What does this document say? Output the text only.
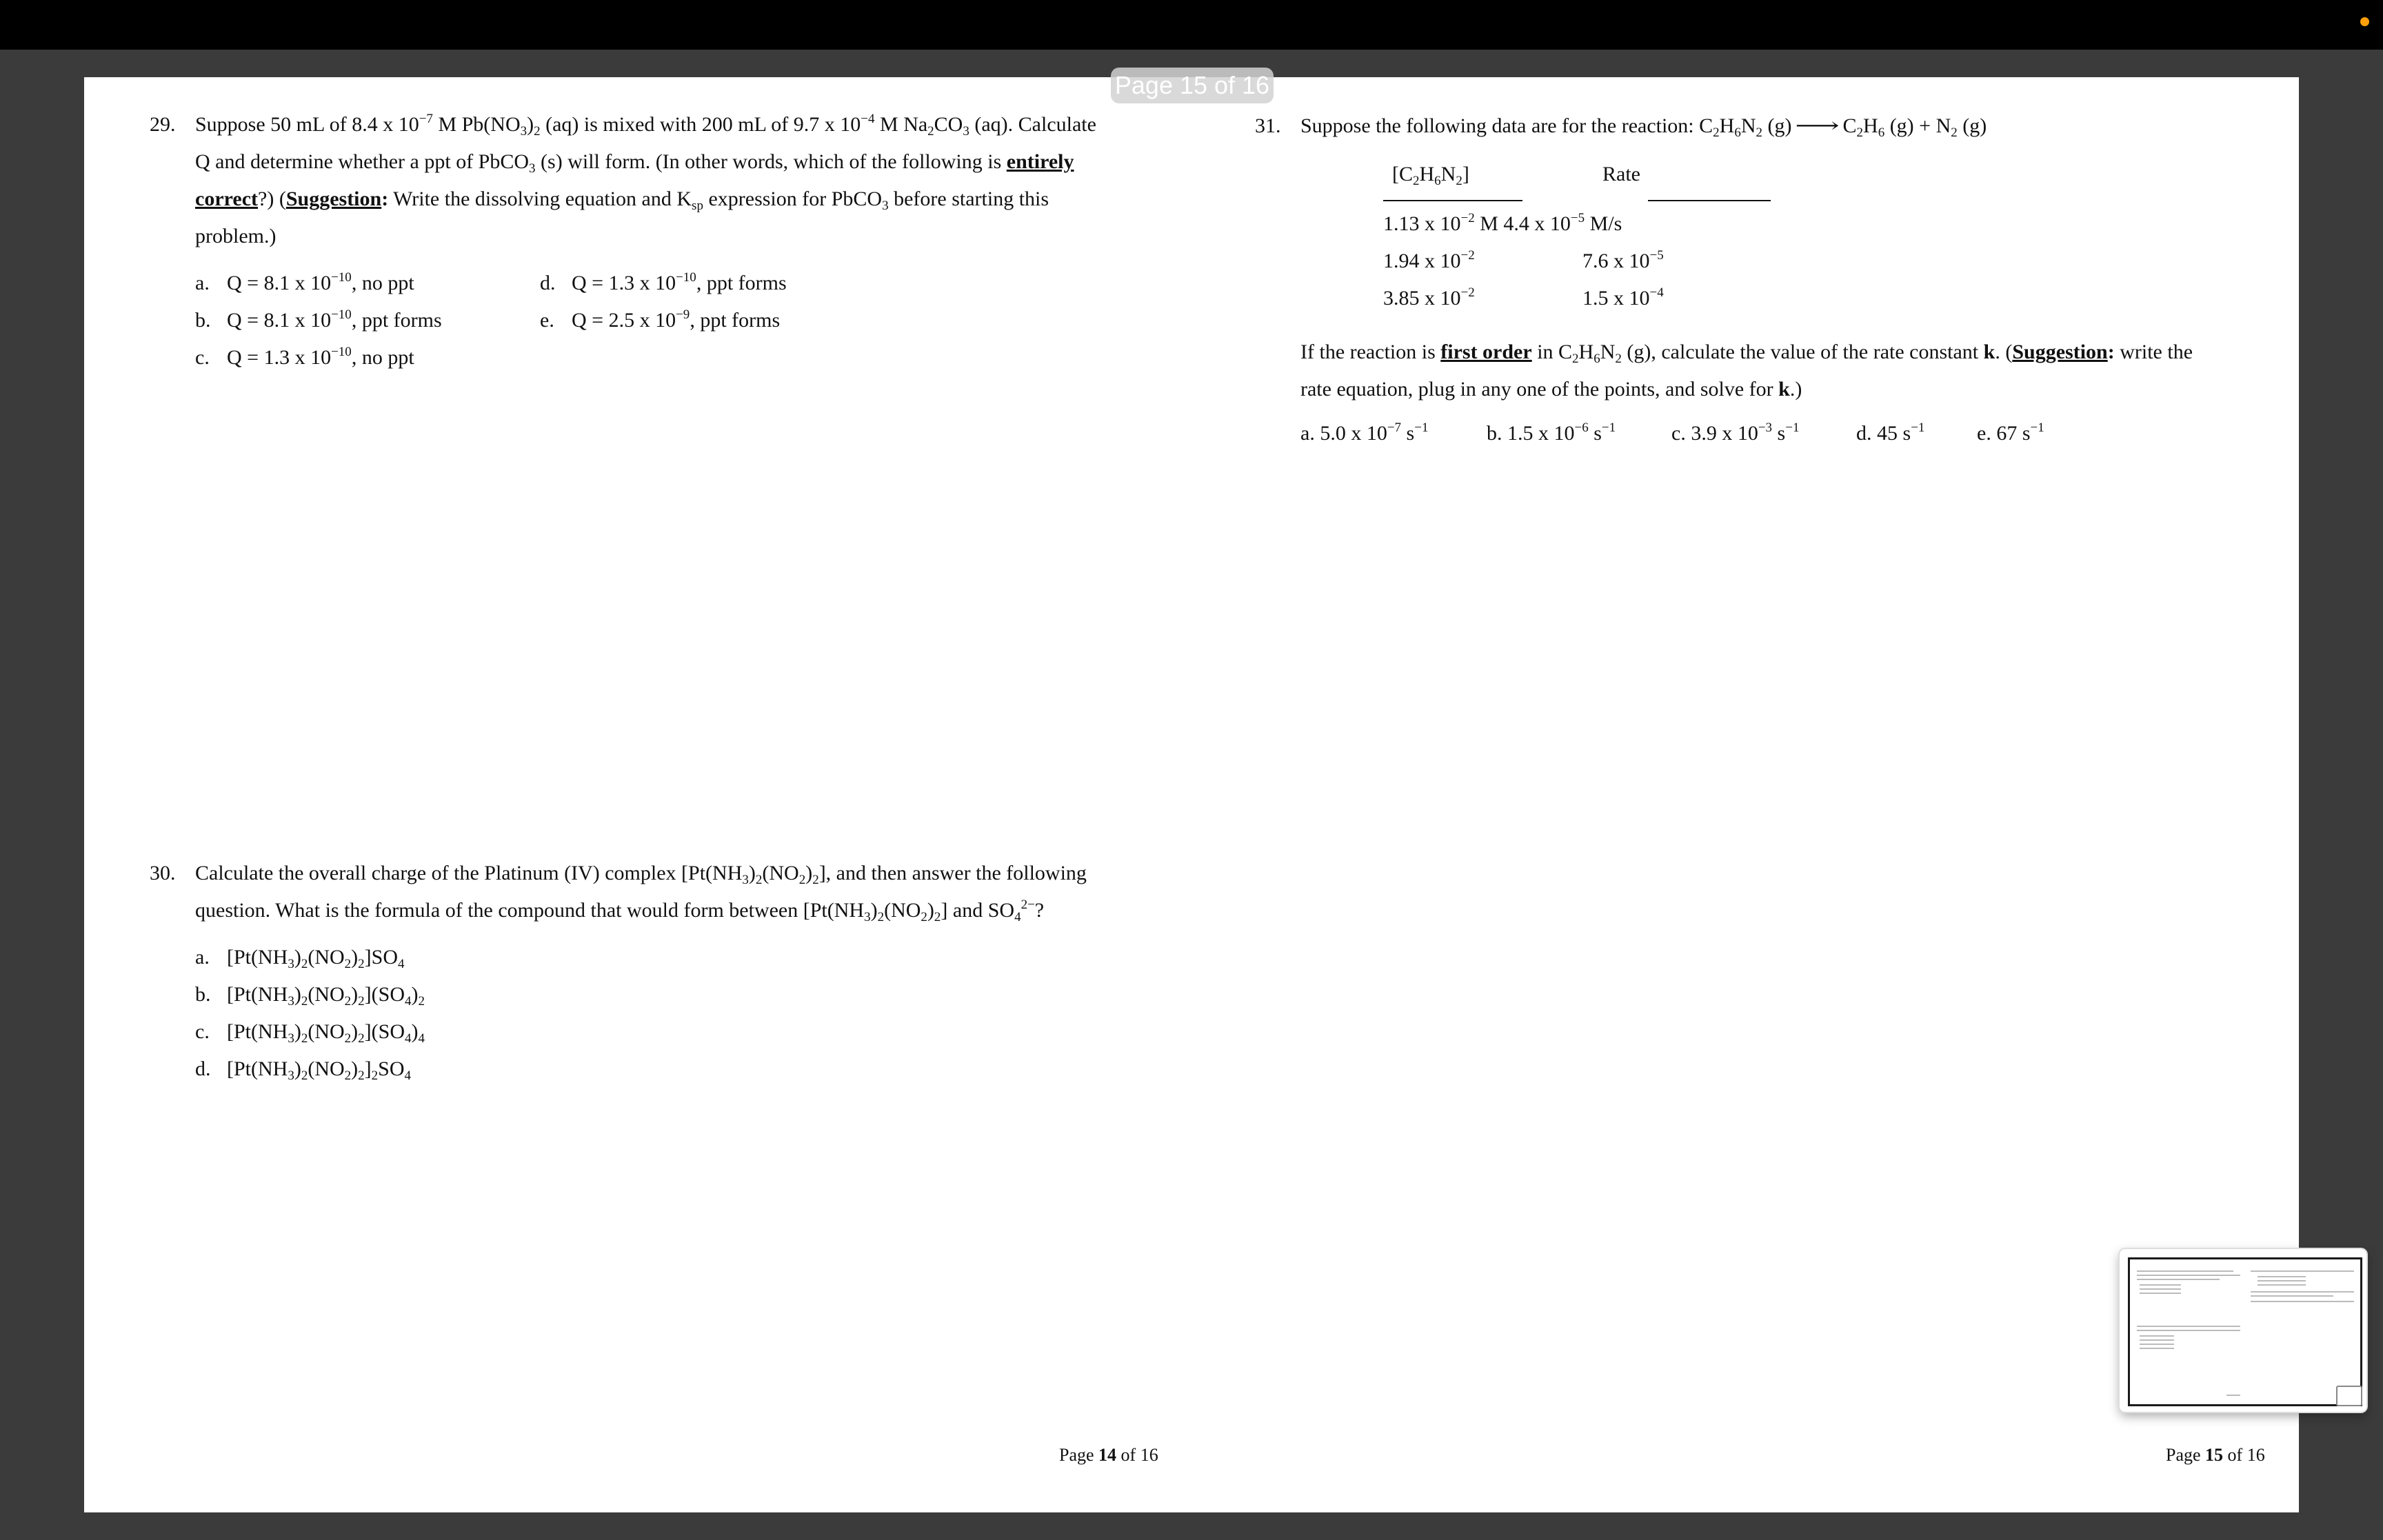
29. Suppose 50 mL of 8.4 x $10^{-7}$ M $Pb(NO_3)_2$ (aq) is mixed with 200 mL of 9.7 x $10^{-4}$ M $Na_2CO_3$ (aq). Calculate
Q and determine whether a ppt of PbCO$_3$ (s) will form. (In other words, which of the following is entirely
correct?) (Suggestion: Write the dissolving equation and $K_{sp}$ expression for PbCO$_3$ before starting this
problem.)
a. Q = 8.1 x $10^{-10}$, no ppt
b. Q = 8.1 x $10^{-10}$, ppt forms
c. Q = 1.3 x $10^{-10}$, no ppt
d. Q = 1.3 x $10^{-10}$, ppt forms
e. Q = 2.5 x $10^{-9}$, ppt forms
30. Calculate the overall charge of the Platinum (IV) complex $[Pt(NH_3)_2(NO_2)_2]$, and then answer the following
question. What is the formula of the compound that would form between $[Pt(NH_3)_2(NO_2)_2]$ and $SO_4^{2-}$?
a. $[Pt(NH_3)_2(NO_2)_2]SO_4$
b. $[Pt(NH_3)_2(NO_2)_2](SO_4)_2$
c. $[Pt(NH_3)_2(NO_2)_2](SO_4)_4$
d. $[Pt(NH_3)_2(NO_2)_2]_2SO_4$
Page 14 of 16
31. Suppose the following data are for the reaction: $C_2H_6N_2$ (g) ⟶ $C_2H_6$ $(g) + N_2$ (g)
$[C_2H_6N_2]$	Rate
1.13 x $10^{-2}$ M 4.4 x $10^{-5}$ M/s
1.94 x $10^{-2}$	7.6 x $10^{-5}$
3.85 x $10^{-2}$	1.5 x $10^{-4}$
If the reaction is first order in $C_2H_6N_2$ (g), calculate the value of the rate constant k. (Suggestion: write the
rate equation, plug in any one of the points, and solve for k.)
a. 5.0 x $10^{-7}$ $s^{-1}$	b. 1.5 x $10^{-6}$ $s^{-1}$	c. 3.9 x $10^{-3}$ $s^{-1}$	d. 45 $s^{-1}$	e. 67 $s^{-1}$
Page 15 of 16
Page 15 of 16
